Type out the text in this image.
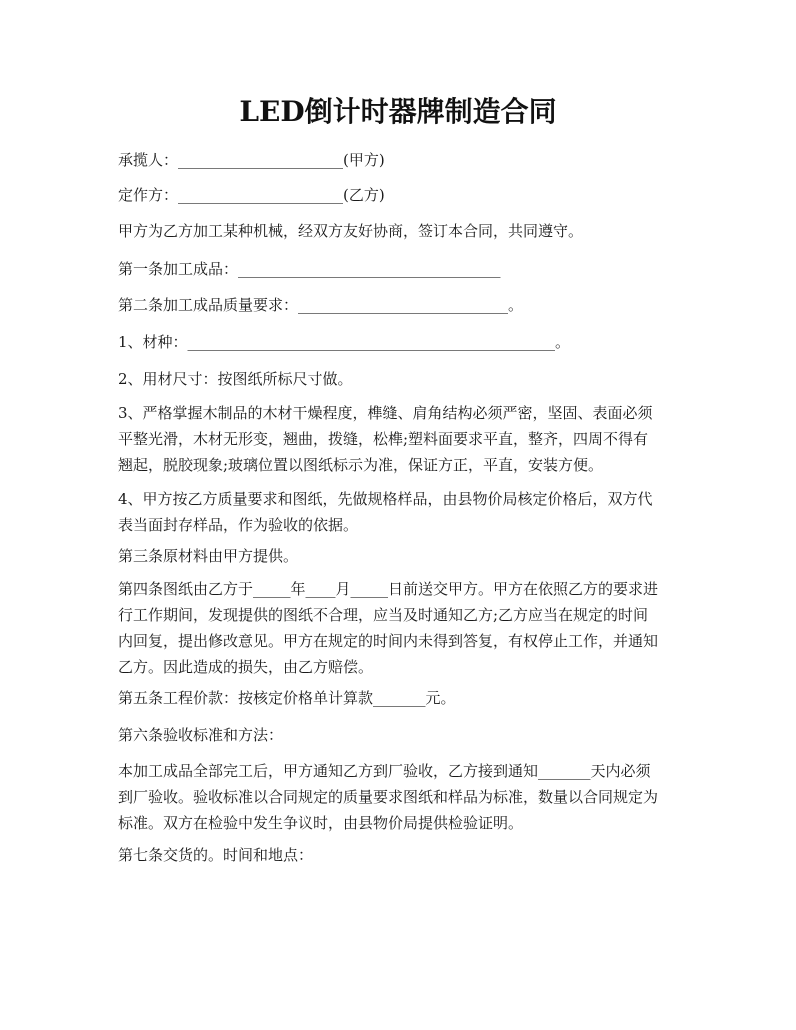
LED倒计时器牌制造合同
承揽人：______________________(甲方)
定作方：______________________(乙方)
甲方为乙方加工某种机械，经双方友好协商，签订本合同，共同遵守。
第一条加工成品：___________________________________
第二条加工成品质量要求：____________________________。
1、材种：_________________________________________________。
2、用材尺寸：按图纸所标尺寸做。
3、严格掌握木制品的木材干燥程度，榫缝、肩角结构必须严密，坚固、表面必须
平整光滑，木材无形变，翘曲，拨缝，松榫;塑料面要求平直，整齐，四周不得有
翘起，脱胶现象;玻璃位置以图纸标示为准，保证方正，平直，安装方便。
4、甲方按乙方质量要求和图纸，先做规格样品，由县物价局核定价格后，双方代
表当面封存样品，作为验收的依据。
第三条原材料由甲方提供。
第四条图纸由乙方于_____年____月_____日前送交甲方。甲方在依照乙方的要求进
行工作期间，发现提供的图纸不合理，应当及时通知乙方;乙方应当在规定的时间
内回复，提出修改意见。甲方在规定的时间内未得到答复，有权停止工作，并通知
乙方。因此造成的损失，由乙方赔偿。
第五条工程价款：按核定价格单计算款_______元。
第六条验收标准和方法：
本加工成品全部完工后，甲方通知乙方到厂验收，乙方接到通知_______天内必须
到厂验收。验收标准以合同规定的质量要求图纸和样品为标准，数量以合同规定为
标准。双方在检验中发生争议时，由县物价局提供检验证明。
第七条交货的。时间和地点：
